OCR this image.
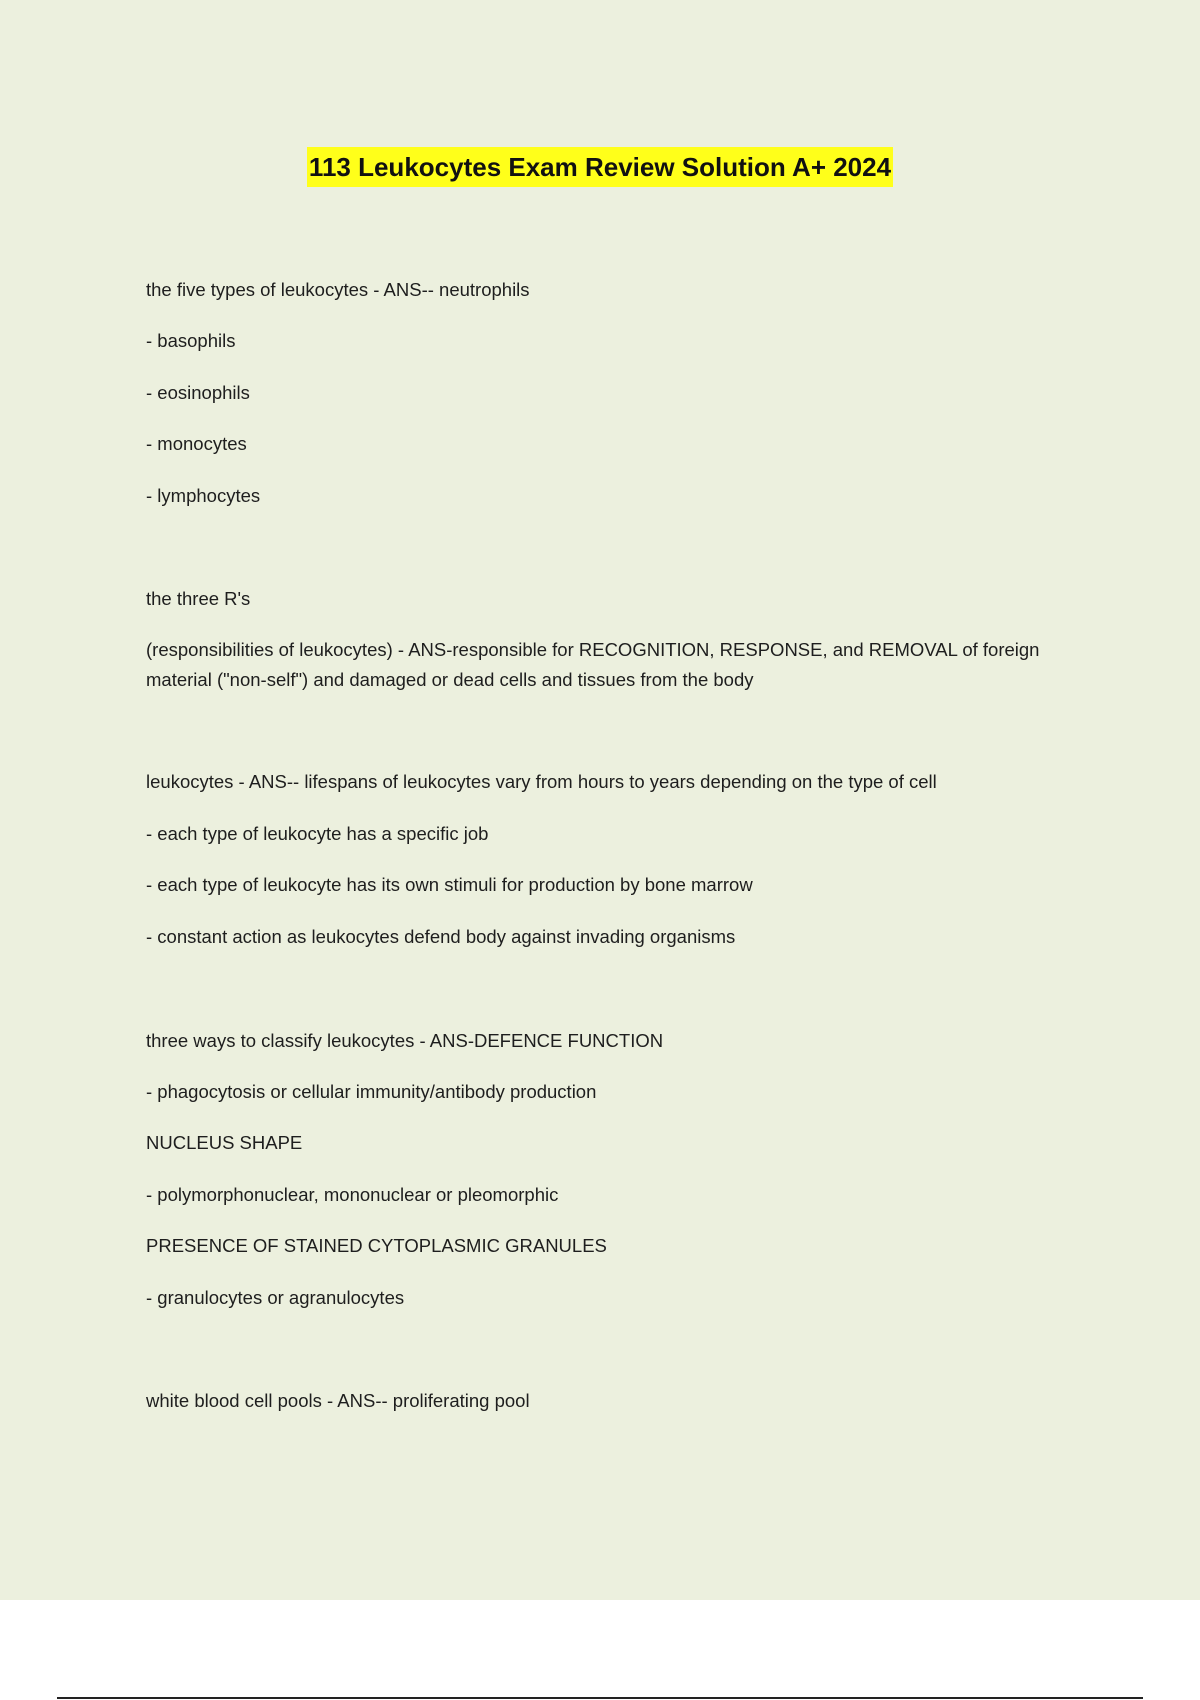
113 Leukocytes Exam Review Solution A+ 2024
the five types of leukocytes - ANS-- neutrophils
- basophils
- eosinophils
- monocytes
- lymphocytes
the three R's
(responsibilities of leukocytes) - ANS-responsible for RECOGNITION, RESPONSE, and REMOVAL of foreign material ("non-self") and damaged or dead cells and tissues from the body
leukocytes - ANS-- lifespans of leukocytes vary from hours to years depending on the type of cell
- each type of leukocyte has a specific job
- each type of leukocyte has its own stimuli for production by bone marrow
- constant action as leukocytes defend body against invading organisms
three ways to classify leukocytes - ANS-DEFENCE FUNCTION
- phagocytosis or cellular immunity/antibody production
NUCLEUS SHAPE
- polymorphonuclear, mononuclear or pleomorphic
PRESENCE OF STAINED CYTOPLASMIC GRANULES
- granulocytes or agranulocytes
white blood cell pools - ANS-- proliferating pool
